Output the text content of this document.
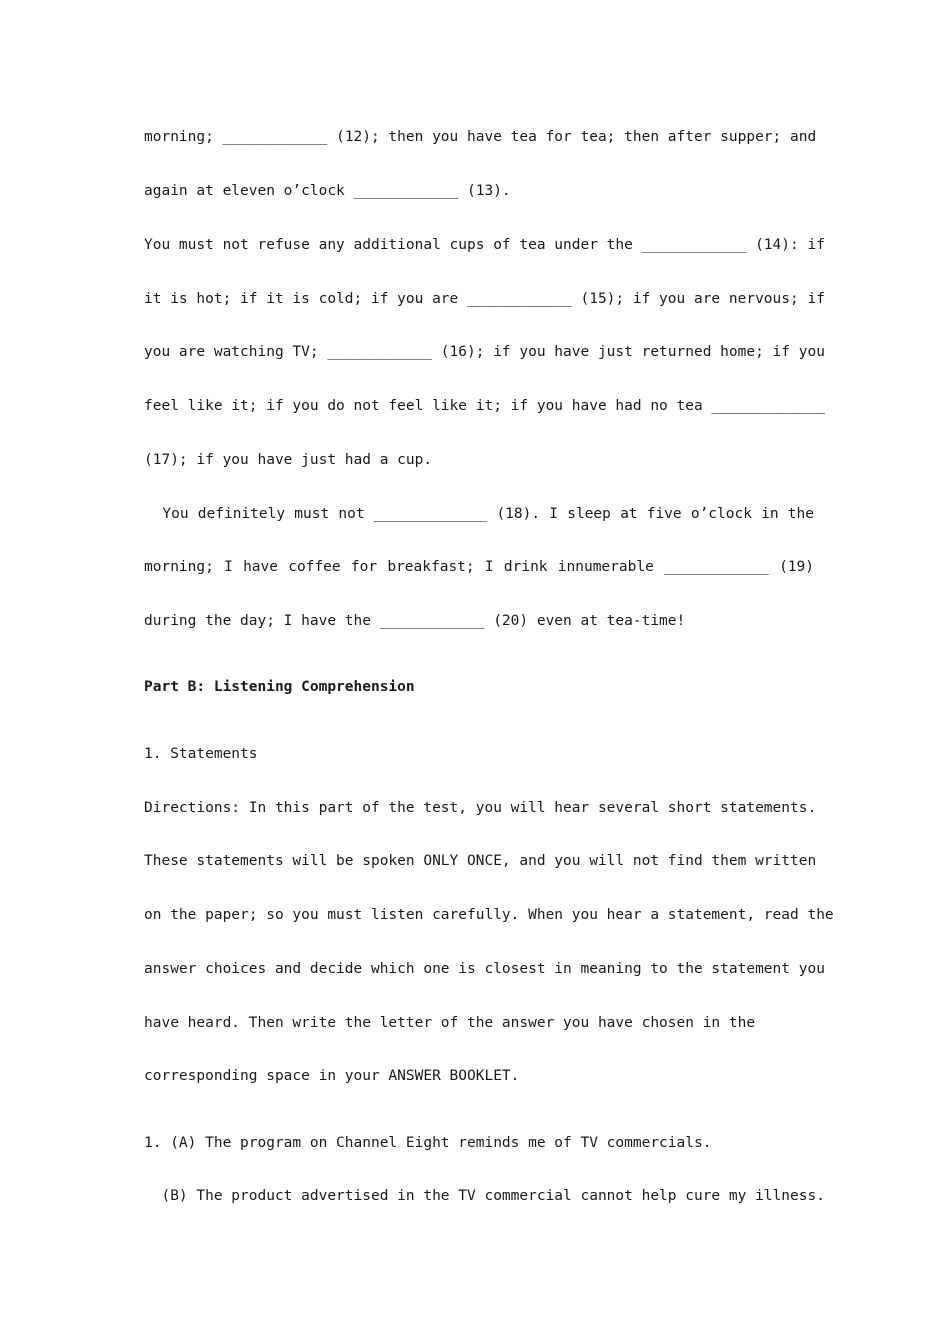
morning; ____________ (12); then you have tea for tea; then after supper; and
again at eleven o’clock ____________ (13).
You must not refuse any additional cups of tea under the ____________ (14): if
it is hot; if it is cold; if you are ____________ (15); if you are nervous; if
you are watching TV; ____________ (16); if you have just returned home; if you
feel like it; if you do not feel like it; if you have had no tea _____________
(17); if you have just had a cup.
You definitely must not _____________ (18). I sleep at five o’clock in the
morning; I have coffee for breakfast; I drink innumerable ____________ (19)
during the day; I have the ____________ (20) even at tea-time!
Part B: Listening Comprehension
1. Statements
Directions: In this part of the test, you will hear several short statements.
These statements will be spoken ONLY ONCE, and you will not find them written
on the paper; so you must listen carefully. When you hear a statement, read the
answer choices and decide which one is closest in meaning to the statement you
have heard. Then write the letter of the answer you have chosen in the
corresponding space in your ANSWER BOOKLET.
1. (A) The program on Channel Eight reminds me of TV commercials.
(B) The product advertised in the TV commercial cannot help cure my illness.
